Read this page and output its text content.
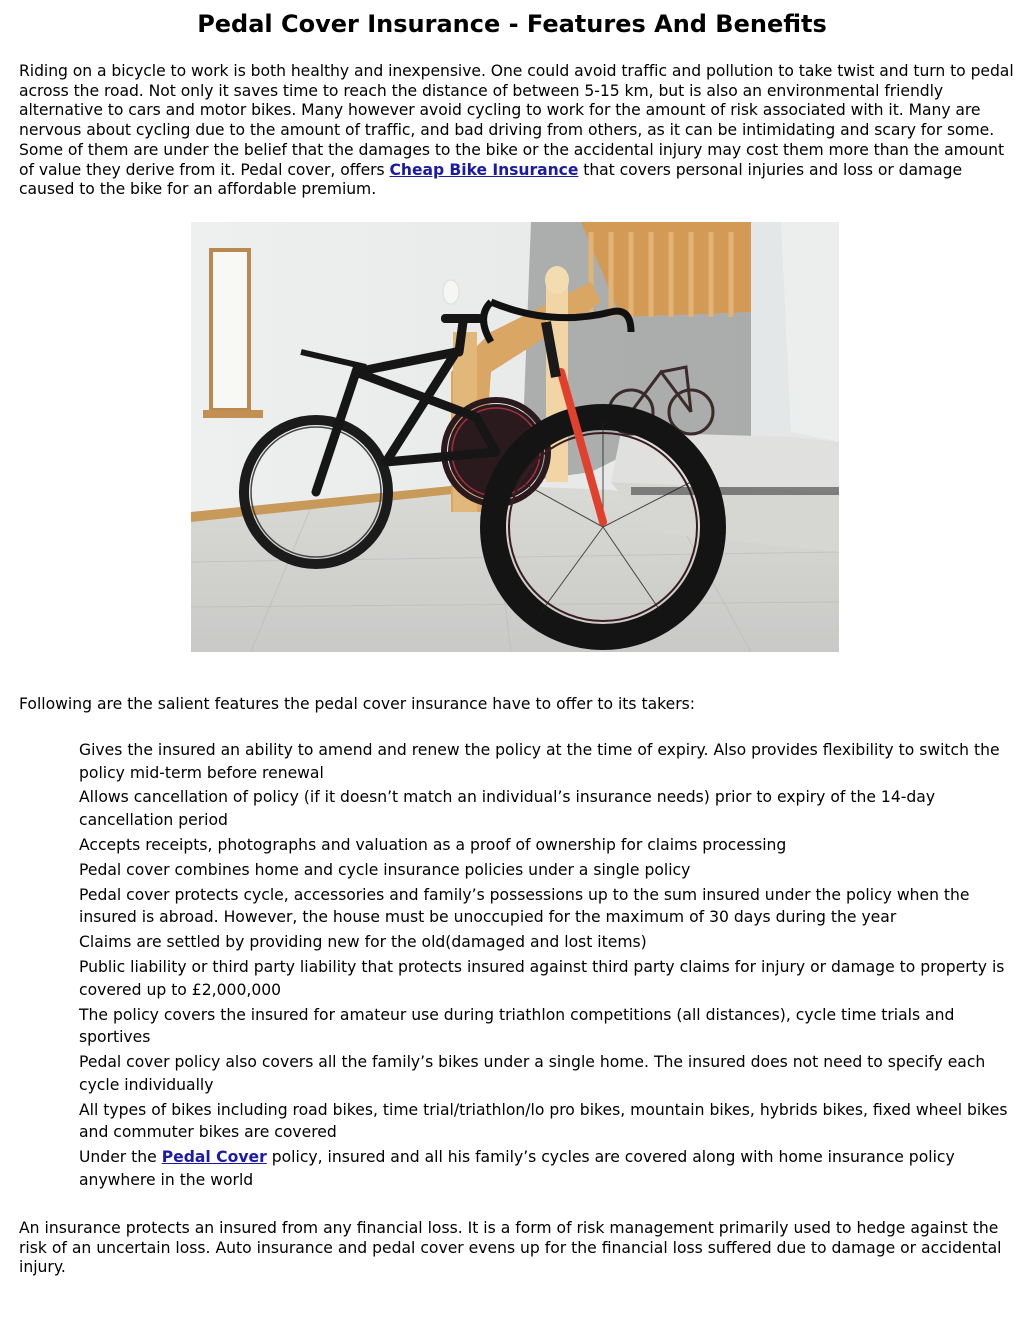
Pedal Cover Insurance - Features And Benefits

Riding on a bicycle to work is both healthy and inexpensive. One could avoid traffic and pollution to take twist and turn to pedal across the road. Not only it saves time to reach the distance of between 5-15 km, but is also an environmental friendly alternative to cars and motor bikes. Many however avoid cycling to work for the amount of risk associated with it. Many are nervous about cycling due to the amount of traffic, and bad driving from others, as it can be intimidating and scary for some. Some of them are under the belief that the damages to the bike or the accidental injury may cost them more than the amount of value they derive from it. Pedal cover, offers Cheap Bike Insurance that covers personal injuries and loss or damage caused to the bike for an affordable premium.

Following are the salient features the pedal cover insurance have to offer to its takers:

Gives the insured an ability to amend and renew the policy at the time of expiry. Also provides flexibility to switch the policy mid-term before renewal
Allows cancellation of policy (if it doesn’t match an individual’s insurance needs) prior to expiry of the 14-day cancellation period
Accepts receipts, photographs and valuation as a proof of ownership for claims processing
Pedal cover combines home and cycle insurance policies under a single policy
Pedal cover protects cycle, accessories and family’s possessions up to the sum insured under the policy when the insured is abroad. However, the house must be unoccupied for the maximum of 30 days during the year
Claims are settled by providing new for the old(damaged and lost items)
Public liability or third party liability that protects insured against third party claims for injury or damage to property is covered up to £2,000,000
The policy covers the insured for amateur use during triathlon competitions (all distances), cycle time trials and sportives
Pedal cover policy also covers all the family’s bikes under a single home. The insured does not need to specify each cycle individually
All types of bikes including road bikes, time trial/triathlon/lo pro bikes, mountain bikes, hybrids bikes, fixed wheel bikes and commuter bikes are covered
Under the Pedal Cover policy, insured and all his family’s cycles are covered along with home insurance policy anywhere in the world

An insurance protects an insured from any financial loss. It is a form of risk management primarily used to hedge against the risk of an uncertain loss. Auto insurance and pedal cover evens up for the financial loss suffered due to damage or accidental injury.
